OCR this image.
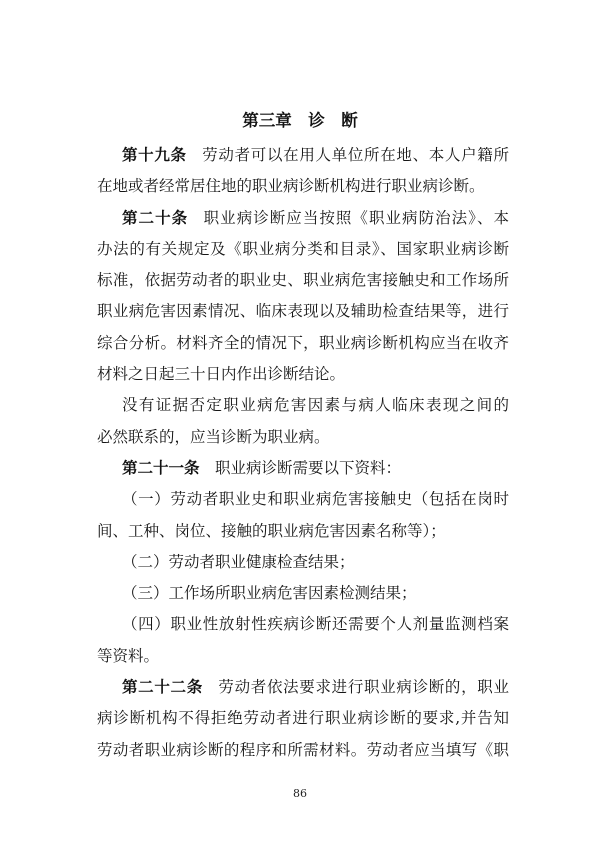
第三章　诊　断
第十九条 劳动者可以在用人单位所在地、本人户籍所
在地或者经常居住地的职业病诊断机构进行职业病诊断。
第二十条 职业病诊断应当按照《职业病防治法》、本
办法的有关规定及《职业病分类和目录》、国家职业病诊断
标准，依据劳动者的职业史、职业病危害接触史和工作场所
职业病危害因素情况、临床表现以及辅助检查结果等，进行
综合分析。材料齐全的情况下，职业病诊断机构应当在收齐
材料之日起三十日内作出诊断结论。
没有证据否定职业病危害因素与病人临床表现之间的
必然联系的，应当诊断为职业病。
第二十一条 职业病诊断需要以下资料：
（一）劳动者职业史和职业病危害接触史（包括在岗时
间、工种、岗位、接触的职业病危害因素名称等）；
（二）劳动者职业健康检查结果；
（三）工作场所职业病危害因素检测结果；
（四）职业性放射性疾病诊断还需要个人剂量监测档案
等资料。
第二十二条 劳动者依法要求进行职业病诊断的，职业
病诊断机构不得拒绝劳动者进行职业病诊断的要求,并告知
劳动者职业病诊断的程序和所需材料。劳动者应当填写《职
86
